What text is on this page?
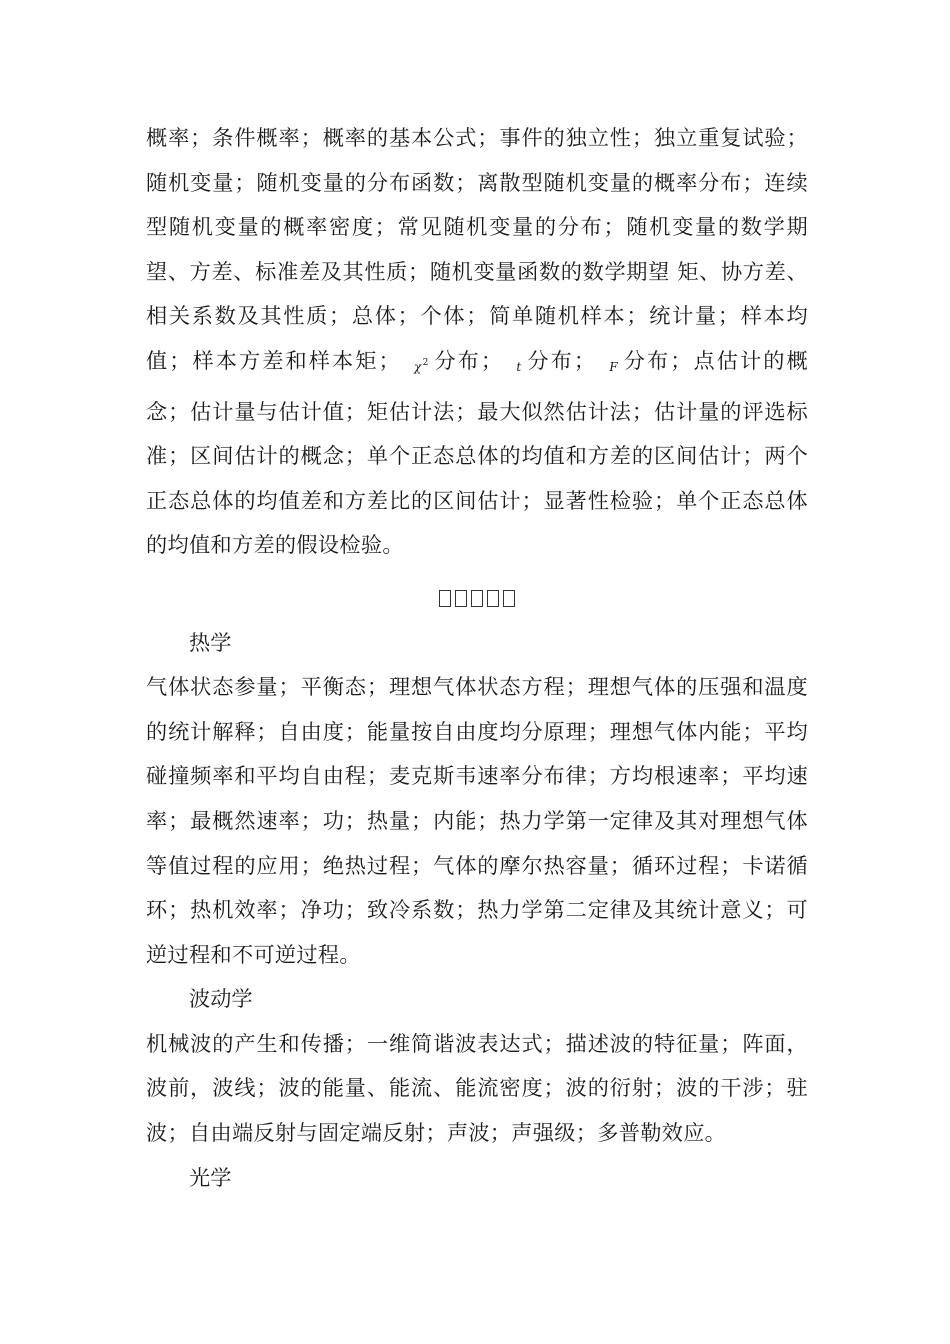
概率；条件概率；概率的基本公式；事件的独立性；独立重复试验；随机变量；随机变量的分布函数；离散型随机变量的概率分布；连续型随机变量的概率密度；常见随机变量的分布；随机变量的数学期望、方差、标准差及其性质；随机变量函数的数学期望 矩、协方差、相关系数及其性质；总体；个体；简单随机样本；统计量；样本均值；样本方差和样本矩； $\chi^2$ 分布； t 分布； F 分布；点估计的概念；估计量与估计值；矩估计法；最大似然估计法；估计量的评选标准；区间估计的概念；单个正态总体的均值和方差的区间估计；两个正态总体的均值差和方差比的区间估计；显著性检验；单个正态总体的均值和方差的假设检验。

热学

气体状态参量；平衡态；理想气体状态方程；理想气体的压强和温度的统计解释；自由度；能量按自由度均分原理；理想气体内能；平均碰撞频率和平均自由程；麦克斯韦速率分布律；方均根速率；平均速率；最概然速率；功；热量；内能；热力学第一定律及其对理想气体等值过程的应用；绝热过程；气体的摩尔热容量；循环过程；卡诺循环；热机效率；净功；致冷系数；热力学第二定律及其统计意义；可逆过程和不可逆过程。

波动学

机械波的产生和传播；一维简谐波表达式；描述波的特征量；阵面，波前，波线；波的能量、能流、能流密度；波的衍射；波的干涉；驻波；自由端反射与固定端反射；声波；声强级；多普勒效应。

光学
